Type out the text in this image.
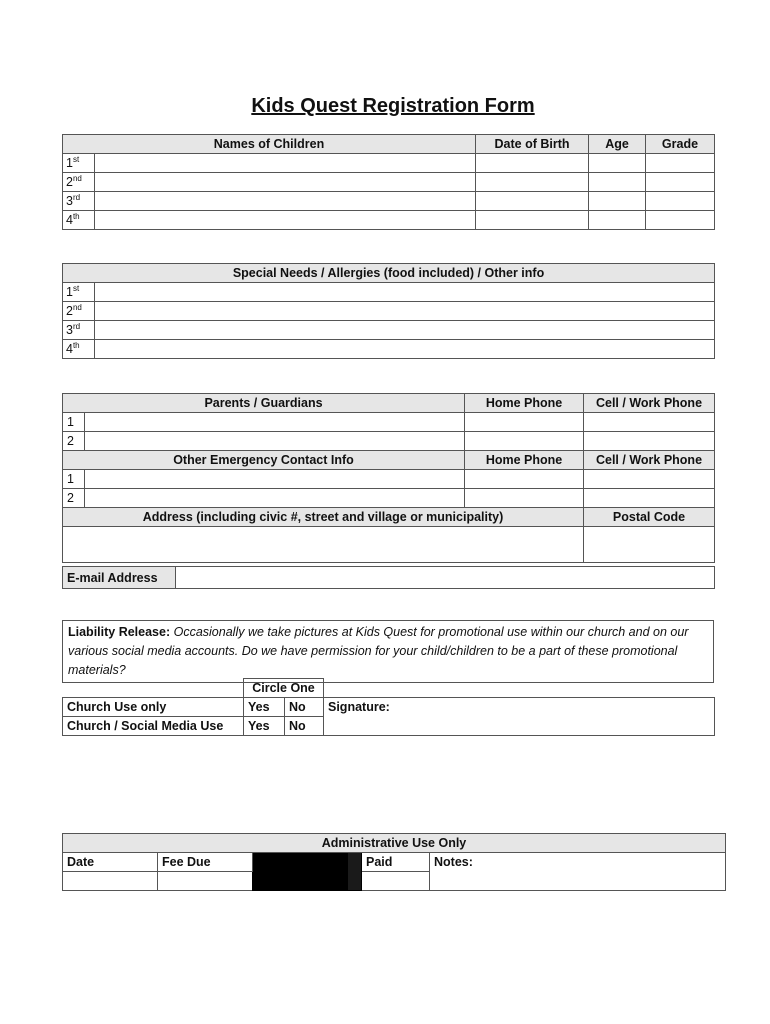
Kids Quest Registration Form
Names of Children		Date of Birth	Age	Grade
1st				
2nd				
3rd				
4th				
Special Needs / Allergies (food included) / Other info	
1st	
2nd	
3rd	
4th	
Parents / Guardians		Home Phone	Cell / Work Phone
1			
2			
Other Emergency Contact Info		Home Phone	Cell / Work Phone
1			
2			
Address (including civic #, street and village or municipality)			Postal Code

E-mail Address	
Liability Release: Occasionally we take pictures at Kids Quest for promotional use within our church and on our various social media accounts. Do we have permission for your child/children to be a part of these promotional materials?
	Circle One		
Church Use only	Yes	No	Signature:
Church / Social Media Use	Yes	No	
Administrative Use Only					
Date	Fee Due			Paid	Notes:
